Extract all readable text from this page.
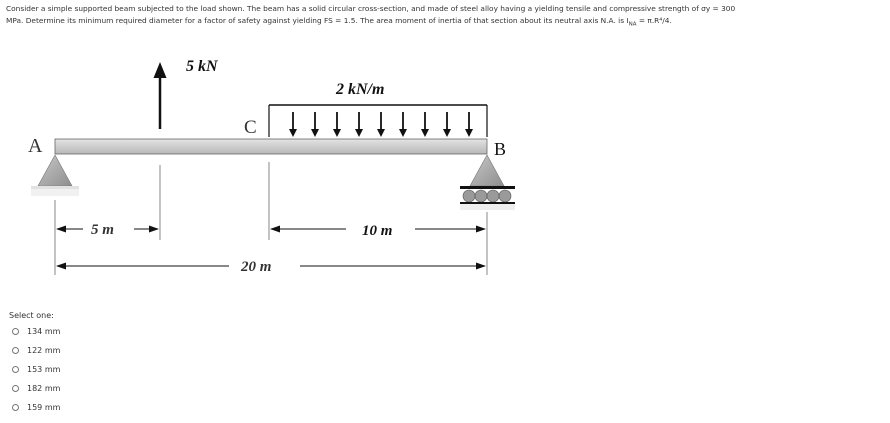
Consider a simple supported beam subjected to the load shown. The beam has a solid circular cross-section, and made of steel alloy having a yielding tensile and compressive strength of σy = 300
MPa. Determine its minimum required diameter for a factor of safety against yielding FS = 1.5. The area moment of inertia of that section about its neutral axis N.A. is $I_{NA} = \pi.R^4/4$.
5 kN
2 kN/m
A	B
C
5 m	10 m
20 m
Select one:
134 mm
122 mm
153 mm
182 mm
159 mm
